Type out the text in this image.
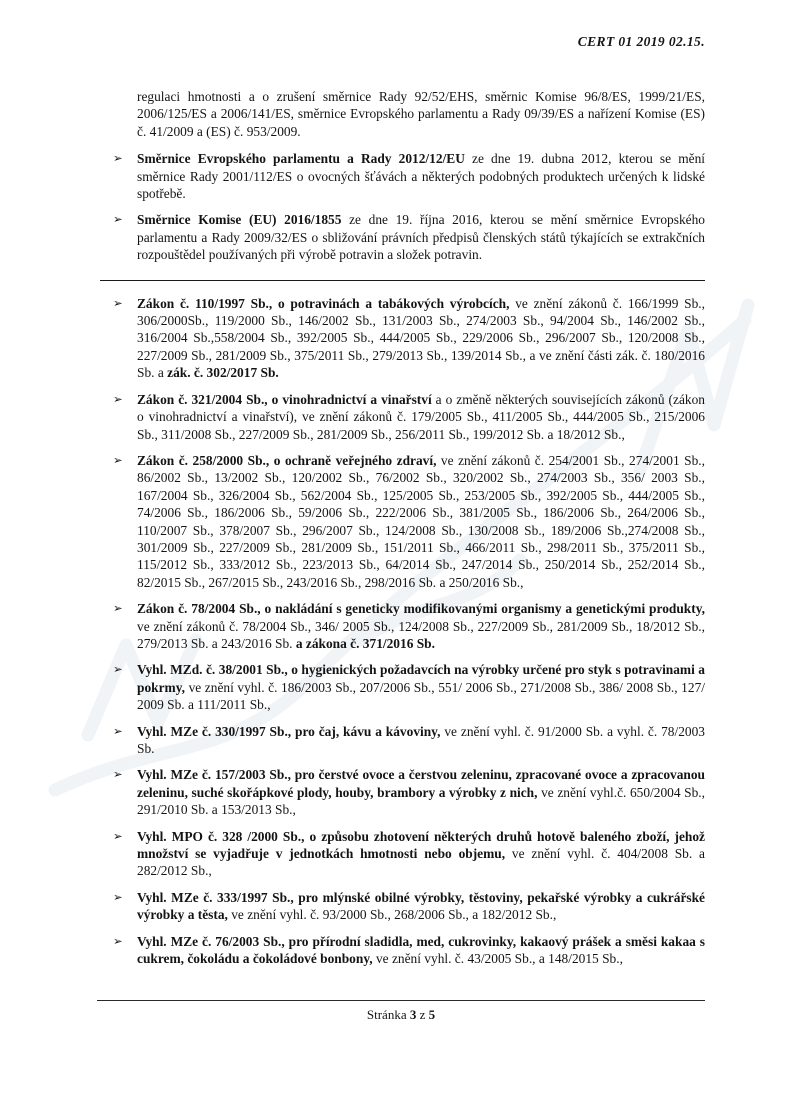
CERT 01 2019 02.15.

regulaci hmotnosti a o zrušení směrnice Rady 92/52/EHS, směrnic Komise 96/8/ES, 1999/21/ES, 2006/125/ES a 2006/141/ES, směrnice Evropského parlamentu a Rady 09/39/ES a nařízení Komise (ES) č. 41/2009 a (ES) č. 953/2009.

➢	Směrnice Evropského parlamentu a Rady 2012/12/EU ze dne 19. dubna 2012, kterou se mění směrnice Rady 2001/112/ES o ovocných šťávách a některých podobných produktech určených k lidské spotřebě.
➢	Směrnice Komise (EU) 2016/1855 ze dne 19. října 2016, kterou se mění směrnice Evropského parlamentu a Rady 2009/32/ES o sbližování právních předpisů členských států týkajících se extrakčních rozpouštědel používaných při výrobě potravin a složek potravin.
➢	Zákon č. 110/1997 Sb., o potravinách a tabákových výrobcích, ve znění zákonů č. 166/1999 Sb., 306/2000Sb., 119/2000 Sb., 146/2002 Sb., 131/2003 Sb., 274/2003 Sb., 94/2004 Sb., 146/2002 Sb., 316/2004 Sb.,558/2004 Sb., 392/2005 Sb., 444/2005 Sb., 229/2006 Sb., 296/2007 Sb., 120/2008 Sb., 227/2009 Sb., 281/2009 Sb., 375/2011 Sb., 279/2013 Sb., 139/2014 Sb., a ve znění části zák. č. 180/2016 Sb. a zák. č. 302/2017 Sb.
➢	Zákon č. 321/2004 Sb., o vinohradnictví a vinařství a o změně některých souvisejících zákonů (zákon o vinohradnictví a vinařství), ve znění zákonů č. 179/2005 Sb., 411/2005 Sb., 444/2005 Sb., 215/2006 Sb., 311/2008 Sb., 227/2009 Sb., 281/2009 Sb., 256/2011 Sb., 199/2012 Sb. a 18/2012 Sb.,
➢	Zákon č. 258/2000 Sb., o ochraně veřejného zdraví, ve znění zákonů č. 254/2001 Sb., 274/2001 Sb., 86/2002 Sb., 13/2002 Sb., 120/2002 Sb., 76/2002 Sb., 320/2002 Sb., 274/2003 Sb., 356/ 2003 Sb., 167/2004 Sb., 326/2004 Sb., 562/2004 Sb., 125/2005 Sb., 253/2005 Sb., 392/2005 Sb., 444/2005 Sb., 74/2006 Sb., 186/2006 Sb., 59/2006 Sb., 222/2006 Sb., 381/2005 Sb., 186/2006 Sb., 264/2006 Sb., 110/2007 Sb., 378/2007 Sb., 296/2007 Sb., 124/2008 Sb., 130/2008 Sb., 189/2006 Sb.,274/2008 Sb., 301/2009 Sb., 227/2009 Sb., 281/2009 Sb., 151/2011 Sb., 466/2011 Sb., 298/2011 Sb., 375/2011 Sb., 115/2012 Sb., 333/2012 Sb., 223/2013 Sb., 64/2014 Sb., 247/2014 Sb., 250/2014 Sb., 252/2014 Sb., 82/2015 Sb., 267/2015 Sb., 243/2016 Sb., 298/2016 Sb. a 250/2016 Sb.,
➢	Zákon č. 78/2004 Sb., o nakládání s geneticky modifikovanými organismy a genetickými produkty, ve znění zákonů č. 78/2004 Sb., 346/ 2005 Sb., 124/2008 Sb., 227/2009 Sb., 281/2009 Sb., 18/2012 Sb., 279/2013 Sb. a 243/2016 Sb. a zákona č. 371/2016 Sb.
➢	Vyhl. MZd. č. 38/2001 Sb., o hygienických požadavcích na výrobky určené pro styk s potravinami a pokrmy, ve znění vyhl. č. 186/2003 Sb., 207/2006 Sb., 551/ 2006 Sb., 271/2008 Sb., 386/ 2008 Sb., 127/ 2009 Sb. a 111/2011 Sb.,
➢	Vyhl. MZe č. 330/1997 Sb., pro čaj, kávu a kávoviny, ve znění vyhl. č. 91/2000 Sb. a vyhl. č. 78/2003 Sb.
➢	Vyhl. MZe č. 157/2003 Sb., pro čerstvé ovoce a čerstvou zeleninu, zpracované ovoce a zpracovanou zeleninu, suché skořápkové plody, houby, brambory a výrobky z nich, ve znění vyhl.č. 650/2004 Sb., 291/2010 Sb. a 153/2013 Sb.,
➢	Vyhl. MPO č. 328 /2000 Sb., o způsobu zhotovení některých druhů hotově baleného zboží, jehož množství se vyjadřuje v jednotkách hmotnosti nebo objemu, ve znění vyhl. č. 404/2008 Sb. a 282/2012 Sb.,
➢	Vyhl. MZe č. 333/1997 Sb., pro mlýnské obilné výrobky, těstoviny, pekařské výrobky a cukrářské výrobky a těsta, ve znění vyhl. č. 93/2000 Sb., 268/2006 Sb., a 182/2012 Sb.,
➢	Vyhl. MZe č. 76/2003 Sb., pro přírodní sladidla, med, cukrovinky, kakaový prášek a směsi kakaa s cukrem, čokoládu a čokoládové bonbony, ve znění vyhl. č. 43/2005 Sb., a 148/2015 Sb.,
Stránka 3 z 5
